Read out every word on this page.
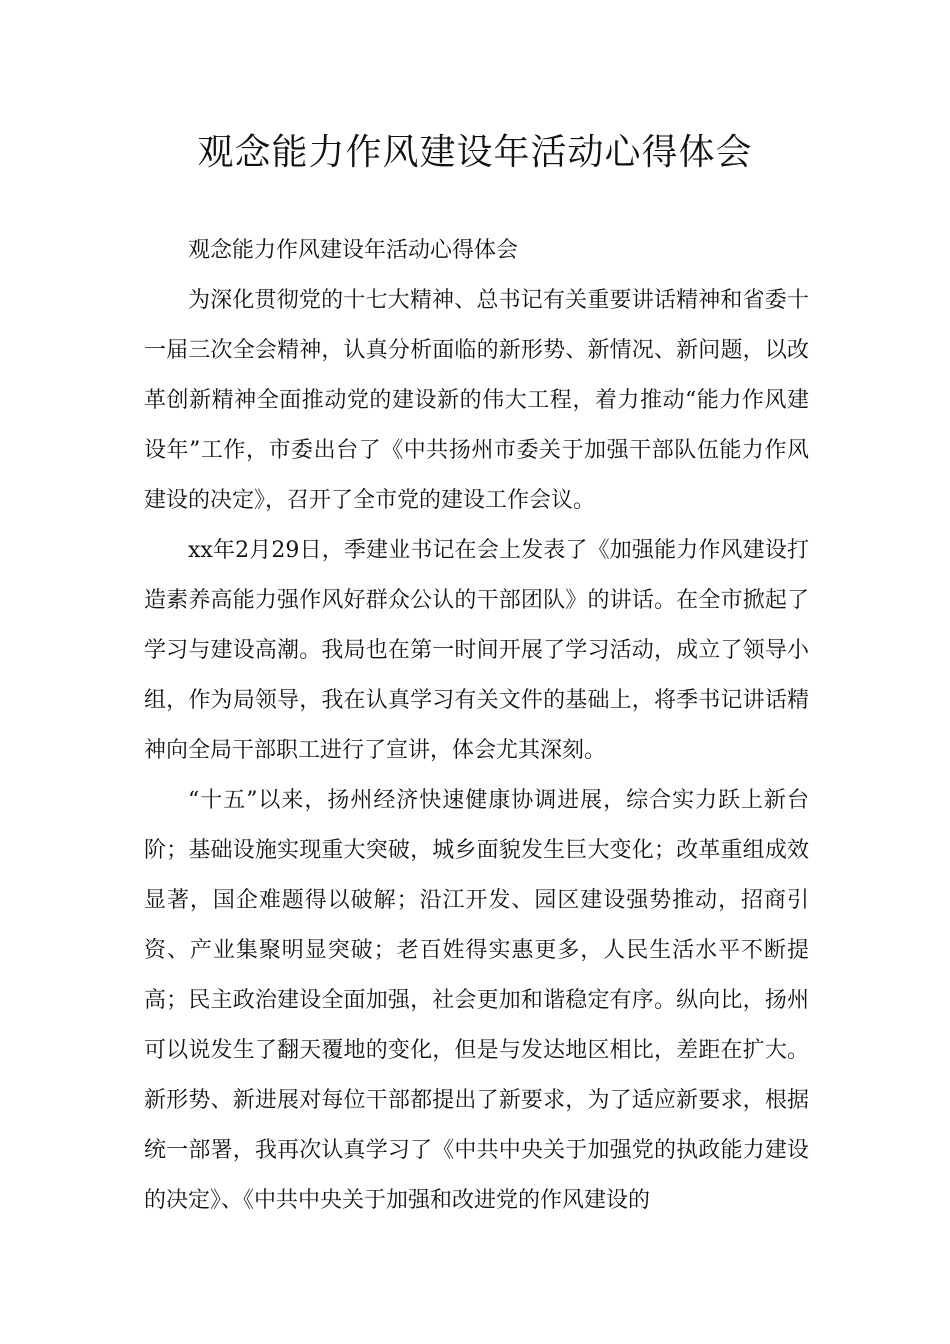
观念能力作风建设年活动心得体会

观念能力作风建设年活动心得体会

为深化贯彻党的十七大精神、总书记有关重要讲话精神和省委十一届三次全会精神，认真分析面临的新形势、新情况、新问题，以改革创新精神全面推动党的建设新的伟大工程，着力推动“能力作风建设年”工作，市委出台了《中共扬州市委关于加强干部队伍能力作风建设的决定》，召开了全市党的建设工作会议。

xx年2月29日，季建业书记在会上发表了《加强能力作风建设打造素养高能力强作风好群众公认的干部团队》的讲话。在全市掀起了学习与建设高潮。我局也在第一时间开展了学习活动，成立了领导小组，作为局领导，我在认真学习有关文件的基础上，将季书记讲话精神向全局干部职工进行了宣讲，体会尤其深刻。

“十五”以来，扬州经济快速健康协调进展，综合实力跃上新台阶；基础设施实现重大突破，城乡面貌发生巨大变化；改革重组成效显著，国企难题得以破解；沿江开发、园区建设强势推动，招商引资、产业集聚明显突破；老百姓得实惠更多，人民生活水平不断提高；民主政治建设全面加强，社会更加和谐稳定有序。纵向比，扬州可以说发生了翻天覆地的变化，但是与发达地区相比，差距在扩大。新形势、新进展对每位干部都提出了新要求，为了适应新要求，根据统一部署，我再次认真学习了《中共中央关于加强党的执政能力建设的决定》、《中共中央关于加强和改进党的作风建设的
